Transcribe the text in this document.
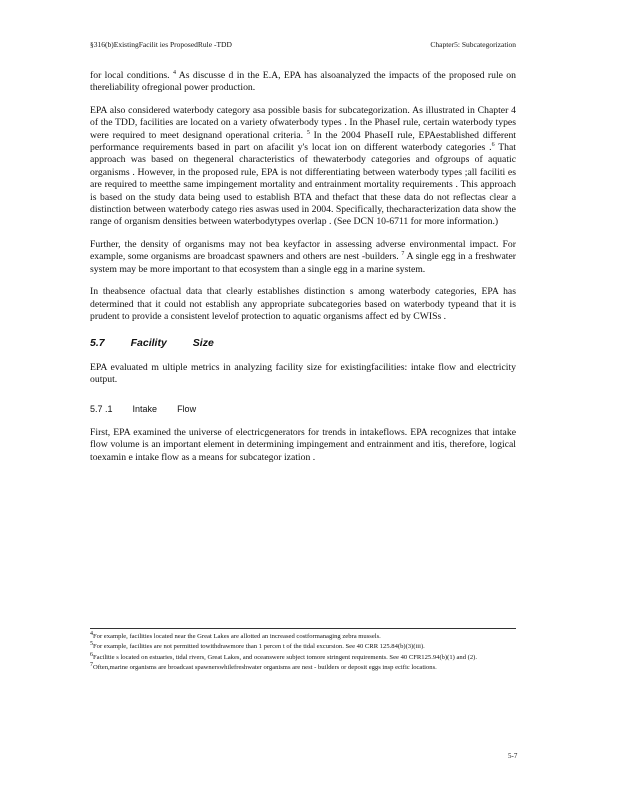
§316(b)ExistingFacilit ies ProposedRule -TDD	Chapter5: Subcategorization

for local conditions. $^4$ As discusse d in the E.A, EPA has alsoanalyzed the impacts of the proposed rule on thereliability ofregional power production.

EPA also considered waterbody category asa possible basis for subcategorization. As illustrated in Chapter 4 of the TDD, facilities are located on a variety ofwaterbody types . In the PhaseI rule, certain waterbody types were required to meet designand operational criteria. $^5$ In the 2004 PhaseII rule, EPAestablished different performance requirements based in part on afacilit y's locat ion on different waterbody categories .$^6$ That approach was based on thegeneral characteristics of thewaterbody categories and ofgroups of aquatic organisms . However, in the proposed rule, EPA is not differentiating between waterbody types ;all faciliti es are required to meetthe same impingement mortality and entrainment mortality requirements . This approach is based on the study data being used to establish BTA and thefact that these data do not reflectas clear a distinction between waterbody catego ries aswas used in 2004. Specifically, thecharacterization data show the range of organism densities between waterbodytypes overlap . (See DCN 10-6711 for more information.)

Further, the density of organisms may not bea keyfactor in assessing adverse environmental impact. For example, some organisms are broadcast spawners and others are nest -builders. $^7$ A single egg in a freshwater system may be more important to that ecosystem than a single egg in a marine system.

In theabsence ofactual data that clearly establishes distinction s among waterbody categories, EPA has determined that it could not establish any appropriate subcategories based on waterbody typeand that it is prudent to provide a consistent levelof protection to aquatic organisms affect ed by CWISs .

5.7 Facility Size

EPA evaluated m ultiple metrics in analyzing facility size for existingfacilities: intake flow and electricity output.

5.7 .1 Intake Flow

First, EPA examined the universe of electricgenerators for trends in intakeflows. EPA recognizes that intake flow volume is an important element in determining impingement and entrainment and itis, therefore, logical toexamin e intake flow as a means for subcategor ization .

$^4$For example, facilities located near the Great Lakes are allotted an increased costformanaging zebra mussels.

$^5$For example, facilities are not permitted towithdrawmore than 1 percen t of the tidal excursion. See 40 CRR 125.84(b)(3)(iii).

$^6$Facilitie s located on estuaries, tidal rivers, Great Lakes, and oceanswere subject tomore stringent requirements. See 40 CFR125.94(b)(1) and (2).

$^7$Often,marine organisms are broadcast spawnerswhilefreshwater organisms are nest - builders or deposit eggs insp ecific locations.

5-7
